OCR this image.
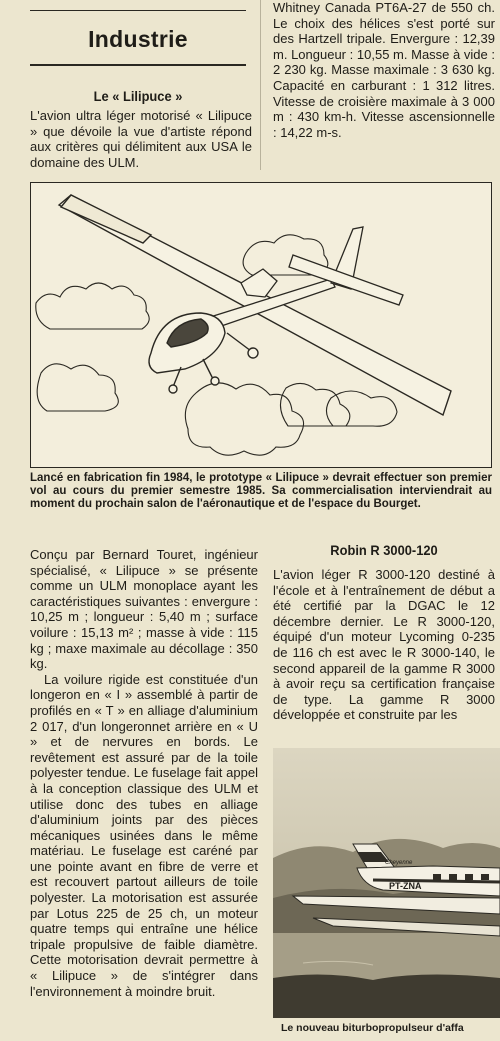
Industrie
Le « Lilipuce »

L'avion ultra léger motorisé « Lilipuce » que dévoile la vue d'artiste répond aux critères qui délimitent aux USA le domaine des ULM.

Whitney Canada PT6A-27 de 550 ch. Le choix des hélices s'est porté sur des Hartzell tripale. Envergure : 12,39 m. Longueur : 10,55 m. Masse à vide : 2 230 kg. Masse maximale : 3 630 kg. Capacité en carburant : 1 312 litres. Vitesse de croisière maximale à 3 000 m : 430 km-h. Vitesse ascensionnelle : 14,22 m-s.

Lancé en fabrication fin 1984, le prototype « Lilipuce » devrait effectuer son premier vol au cours du premier semestre 1985. Sa commercialisation interviendrait au moment du prochain salon de l'aéronautique et de l'espace du Bourget.

Conçu par Bernard Touret, ingénieur spécialisé, « Lilipuce » se présente comme un ULM monoplace ayant les caractéristiques suivantes : envergure : 10,25 m ; longueur : 5,40 m ; surface voilure : 15,13 m² ; masse à vide : 115 kg ; maxe maximale au décollage : 350 kg.

La voilure rigide est constituée d'un longeron en « I » assemblé à partir de profilés en « T » en alliage d'aluminium 2 017, d'un longeronnet arrière en « U » et de nervures en bords. Le revêtement est assuré par de la toile polyester tendue. Le fuselage fait appel à la conception classique des ULM et utilise donc des tubes en alliage d'aluminium joints par des pièces mécaniques usinées dans le même matériau. Le fuselage est caréné par une pointe avant en fibre de verre et est recouvert partout ailleurs de toile polyester. La motorisation est assurée par Lotus 225 de 25 ch, un moteur quatre temps qui entraîne une hélice tripale propulsive de faible diamètre. Cette motorisation devrait permettre à « Lilipuce » de s'intégrer dans l'environnement à moindre bruit.

Robin R 3000-120

L'avion léger R 3000-120 destiné à l'école et à l'entraînement de début a été certifié par la DGAC le 12 décembre dernier. Le R 3000-120, équipé d'un moteur Lycoming 0-235 de 116 ch est avec le R 3000-140, le second appareil de la gamme R 3000 à avoir reçu sa certification française de type. La gamme R 3000 développée et construite par les

PT-ZNA
Cheyenne

Le nouveau biturbopropulseur d'affa
